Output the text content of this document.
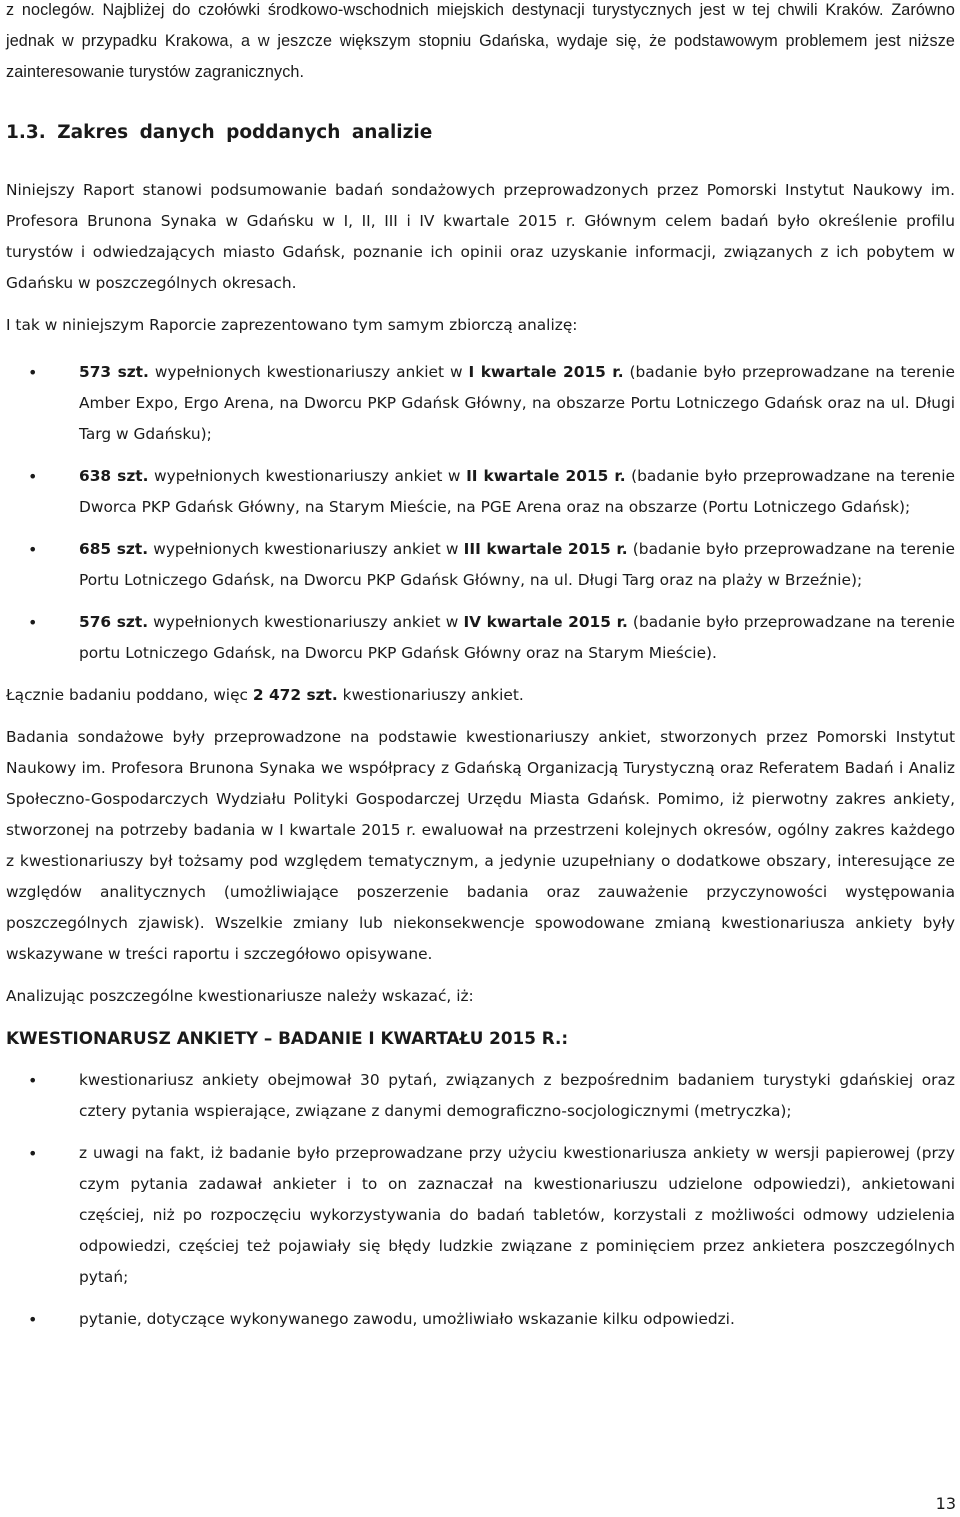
z noclegów. Najbliżej do czołówki środkowo-wschodnich miejskich destynacji turystycznych jest w tej chwili Kraków. Zarówno jednak w przypadku Krakowa, a w jeszcze większym stopniu Gdańska, wydaje się, że podstawowym problemem jest niższe zainteresowanie turystów zagranicznych.

1.3. Zakres danych poddanych analizie

Niniejszy Raport stanowi podsumowanie badań sondażowych przeprowadzonych przez Pomorski Instytut Naukowy im. Profesora Brunona Synaka w Gdańsku w I, II, III i IV kwartale 2015 r. Głównym celem badań było określenie profilu turystów i odwiedzających miasto Gdańsk, poznanie ich opinii oraz uzyskanie informacji, związanych z ich pobytem w Gdańsku w poszczególnych okresach.

I tak w niniejszym Raporcie zaprezentowano tym samym zbiorczą analizę:

•	573 szt. wypełnionych kwestionariuszy ankiet w I kwartale 2015 r. (badanie było przeprowadzane na terenie Amber Expo, Ergo Arena, na Dworcu PKP Gdańsk Główny, na obszarze Portu Lotniczego Gdańsk oraz na ul. Długi Targ w Gdańsku);
•	638 szt. wypełnionych kwestionariuszy ankiet w II kwartale 2015 r. (badanie było przeprowadzane na terenie Dworca PKP Gdańsk Główny, na Starym Mieście, na PGE Arena oraz na obszarze (Portu Lotniczego Gdańsk);
•	685 szt. wypełnionych kwestionariuszy ankiet w III kwartale 2015 r. (badanie było przeprowadzane na terenie Portu Lotniczego Gdańsk, na Dworcu PKP Gdańsk Główny, na ul. Długi Targ oraz na plaży w Brzeźnie);
•	576 szt. wypełnionych kwestionariuszy ankiet w IV kwartale 2015 r. (badanie było przeprowadzane na terenie portu Lotniczego Gdańsk, na Dworcu PKP Gdańsk Główny oraz na Starym Mieście).

Łącznie badaniu poddano, więc 2 472 szt. kwestionariuszy ankiet.

Badania sondażowe były przeprowadzone na podstawie kwestionariuszy ankiet, stworzonych przez Pomorski Instytut Naukowy im. Profesora Brunona Synaka we współpracy z Gdańską Organizacją Turystyczną oraz Referatem Badań i Analiz Społeczno-Gospodarczych Wydziału Polityki Gospodarczej Urzędu Miasta Gdańsk. Pomimo, iż pierwotny zakres ankiety, stworzonej na potrzeby badania w I kwartale 2015 r. ewaluował na przestrzeni kolejnych okresów, ogólny zakres każdego z kwestionariuszy był tożsamy pod względem tematycznym, a jedynie uzupełniany o dodatkowe obszary, interesujące ze względów analitycznych (umożliwiające poszerzenie badania oraz zauważenie przyczynowości występowania poszczególnych zjawisk). Wszelkie zmiany lub niekonsekwencje spowodowane zmianą kwestionariusza ankiety były wskazywane w treści raportu i szczegółowo opisywane.

Analizując poszczególne kwestionariusze należy wskazać, iż:

KWESTIONARUSZ ANKIETY – BADANIE I KWARTAŁU 2015 R.:

•	kwestionariusz ankiety obejmował 30 pytań, związanych z bezpośrednim badaniem turystyki gdańskiej oraz cztery pytania wspierające, związane z danymi demograficzno-socjologicznymi (metryczka);
•	z uwagi na fakt, iż badanie było przeprowadzane przy użyciu kwestionariusza ankiety w wersji papierowej (przy czym pytania zadawał ankieter i to on zaznaczał na kwestionariuszu udzielone odpowiedzi), ankietowani częściej, niż po rozpoczęciu wykorzystywania do badań tabletów, korzystali z możliwości odmowy udzielenia odpowiedzi, częściej też pojawiały się błędy ludzkie związane z pominięciem przez ankietera poszczególnych pytań;
•	pytanie, dotyczące wykonywanego zawodu, umożliwiało wskazanie kilku odpowiedzi.
13
